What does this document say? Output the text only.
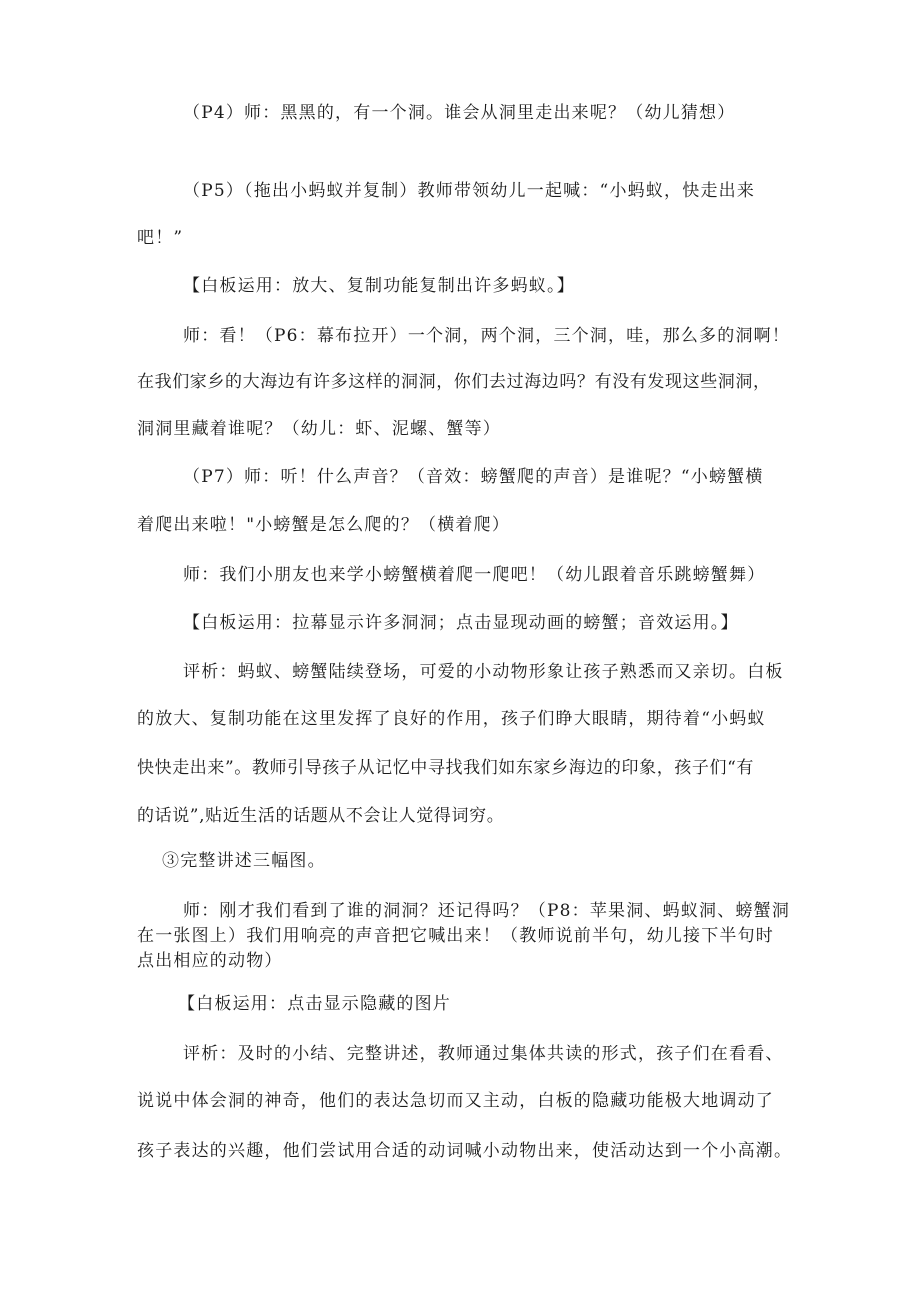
（P4）师：黑黑的，有一个洞。谁会从洞里走出来呢？（幼儿猜想）
（P5）（拖出小蚂蚁并复制）教师带领幼儿一起喊：“小蚂蚁，快走出来
吧！”
【白板运用：放大、复制功能复制出许多蚂蚁。】
师：看！（P6：幕布拉开）一个洞，两个洞，三个洞，哇，那么多的洞啊！
在我们家乡的大海边有许多这样的洞洞，你们去过海边吗？有没有发现这些洞洞，
洞洞里藏着谁呢？（幼儿：虾、泥螺、蟹等）
（P7）师：听！什么声音？（音效：螃蟹爬的声音）是谁呢？“小螃蟹横
着爬出来啦！"小螃蟹是怎么爬的？（横着爬）
师：我们小朋友也来学小螃蟹横着爬一爬吧！（幼儿跟着音乐跳螃蟹舞）
【白板运用：拉幕显示许多洞洞；点击显现动画的螃蟹；音效运用。】
评析：蚂蚁、螃蟹陆续登场，可爱的小动物形象让孩子熟悉而又亲切。白板
的放大、复制功能在这里发挥了良好的作用，孩子们睁大眼睛，期待着“小蚂蚁
快快走出来”。教师引导孩子从记忆中寻找我们如东家乡海边的印象，孩子们“有
的话说”,贴近生活的话题从不会让人觉得词穷。
③完整讲述三幅图。
师：刚才我们看到了谁的洞洞？还记得吗？（P8：苹果洞、蚂蚁洞、螃蟹洞
在一张图上）我们用响亮的声音把它喊出来！（教师说前半句，幼儿接下半句时
点出相应的动物）
【白板运用：点击显示隐藏的图片
评析：及时的小结、完整讲述，教师通过集体共读的形式，孩子们在看看、
说说中体会洞的神奇，他们的表达急切而又主动，白板的隐藏功能极大地调动了
孩子表达的兴趣，他们尝试用合适的动词喊小动物出来，使活动达到一个小高潮。
